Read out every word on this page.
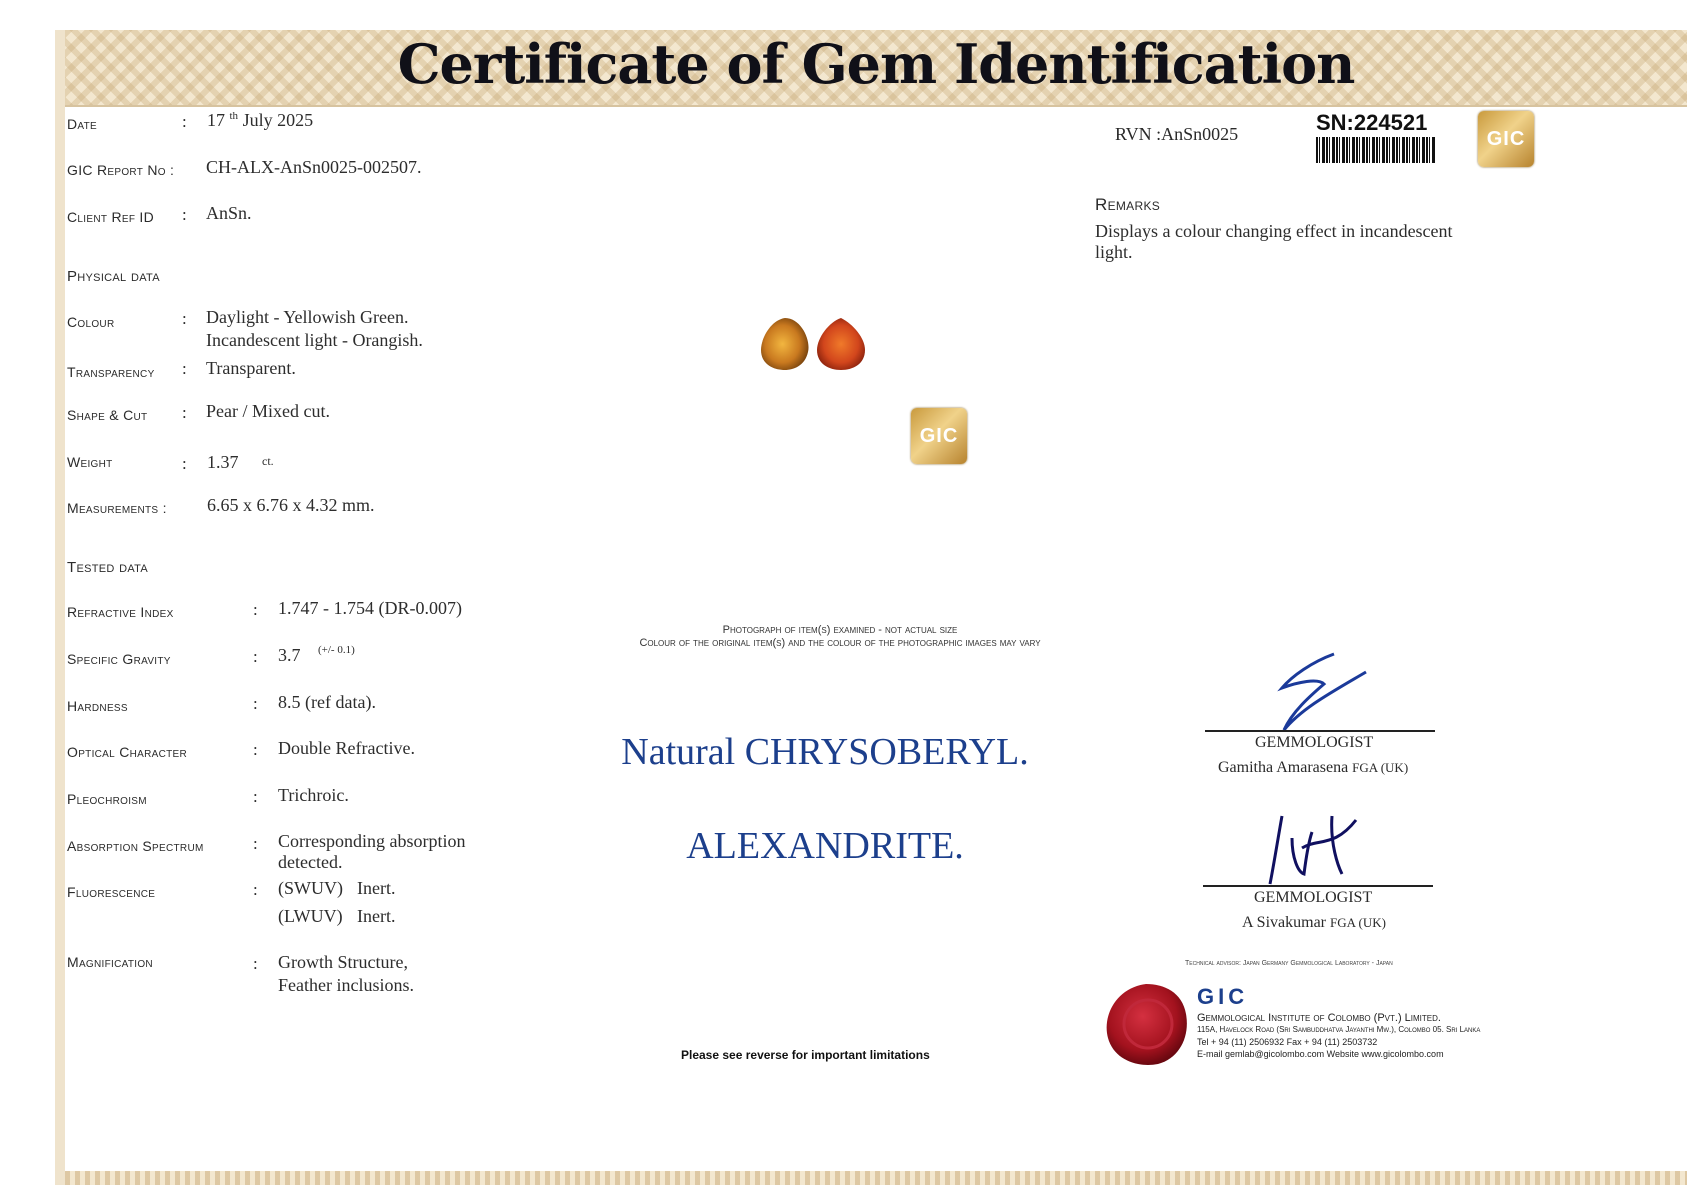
Certificate of Gem Identification
Date	: 17 $^{th}$ July 2025
GIC Report No : CH-ALX-AnSn0025-002507.
Client Ref ID : AnSn.
Physical data
Colour	: Daylight - Yellowish Green.
Incandescent light - Orangish.
Transparency : Transparent.
Shape & Cut : Pear / Mixed cut.
Weight	: 1.37 ct.
Measurements : 6.65 x 6.76 x 4.32 mm.
Tested data
Refractive Index	: 1.747 - 1.754 (DR-0.007)
Specific Gravity	: 3.7 (+/- 0.1)
Hardness	: 8.5 (ref data).
Optical Character	: Double Refractive.
Pleochroism	: Trichroic.
Absorption Spectrum	: Corresponding absorption
detected.
Fluorescence	: (SWUV) Inert.
(LWUV) Inert.
Magnification	: Growth Structure,
Feather inclusions.
GIC
Photograph of item(s) examined - not actual size
Colour of the original item(s) and the colour of the photographic images may vary
Natural CHRYSOBERYL.
ALEXANDRITE.
Please see reverse for important limitations
RVN :AnSn0025	SN:224521
GIC
Remarks
Displays a colour changing effect in incandescent
light.
GEMMOLOGIST
Gamitha Amarasena FGA (UK)
GEMMOLOGIST
A Sivakumar FGA (UK)
Technical advisor: Japan Germany Gemmological Laboratory - Japan
GIC
Gemmological Institute of Colombo (Pvt.) Limited.
115A, Havelock Road (Sri Sambuddhatva Jayanthi Mw.), Colombo 05. Sri Lanka
Tel + 94 (11) 2506932 Fax + 94 (11) 2503732
E-mail gemlab@gicolombo.com Website www.gicolombo.com
